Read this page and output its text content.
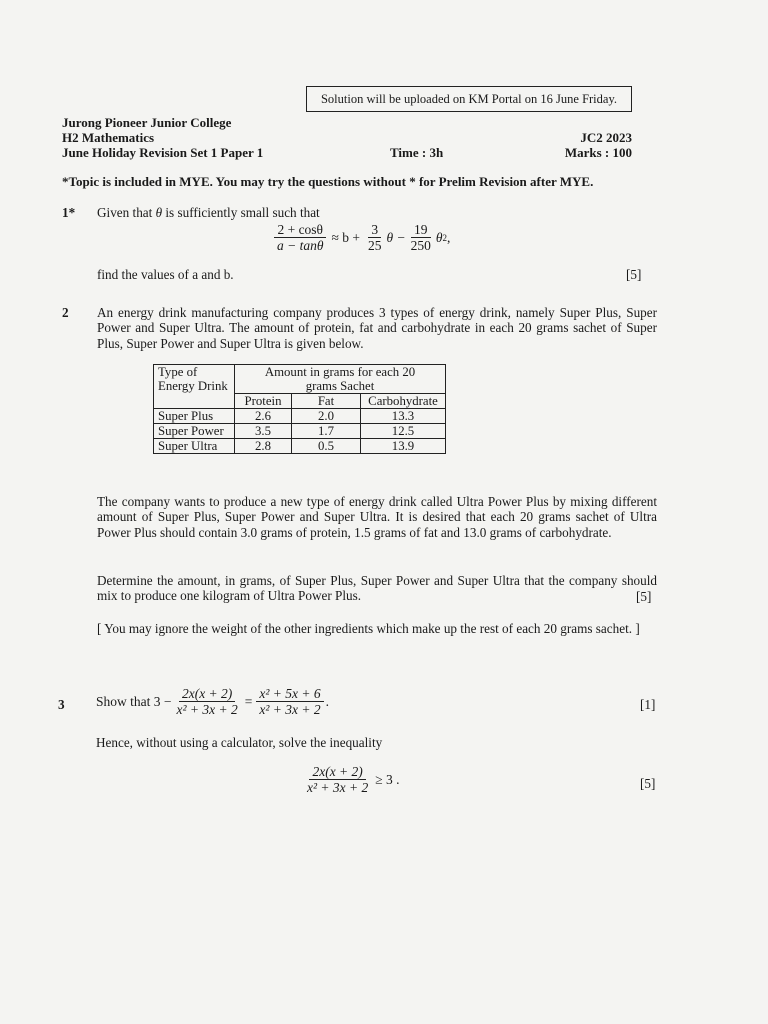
Solution will be uploaded on KM Portal on 16 June Friday.
Jurong Pioneer Junior College
H2 Mathematics
June Holiday Revision Set 1 Paper 1	Time : 3h
JC2 2023
Marks : 100
*Topic is included in MYE. You may try the questions without * for Prelim Revision after MYE.
1* Given that θ is sufficiently small such that
$\frac{2 + \cos\theta}{a - \tan\theta} \approx b + \frac{3}{25}$ $\theta - \frac{19}{250}$ θ 2 ,
find the values of a and b.	[5]
2 An energy drink manufacturing company produces 3 types of energy drink, namely Super Plus, Super Power and Super Ultra. The amount of protein, fat and carbohydrate in each 20 grams sachet of Super Plus, Super Power and Super Ultra is given below.
Type of Energy Drink	Amount in grams for each 20 grams Sachet		
	Protein	Fat	Carbohydrate
Super Plus	2.6	2.0	13.3
Super Power	3.5	1.7	12.5
Super Ultra	2.8	0.5	13.9
The company wants to produce a new type of energy drink called Ultra Power Plus by mixing different amount of Super Plus, Super Power and Super Ultra. It is desired that each 20 grams sachet of Ultra Power Plus should contain 3.0 grams of protein, 1.5 grams of fat and 13.0 grams of carbohydrate.
Determine the amount, in grams, of Super Plus, Super Power and Super Ultra that the company should mix to produce one kilogram of Ultra Power Plus.	[5]
[ You may ignore the weight of the other ingredients which make up the rest of each 20 grams sachet. ]
3 Show that $3 - \frac{2x(x + 2)}{\text{x² + 3x + 2}} = \frac{\text{x² + 5x + 6}}{\text{x² + 3x + 2}}$ .	[1]
Hence, without using a calculator, solve the inequality
$\frac{2x(x + 2)}{\text{x² + 3x + 2}} \ge 3$ .	[5]
